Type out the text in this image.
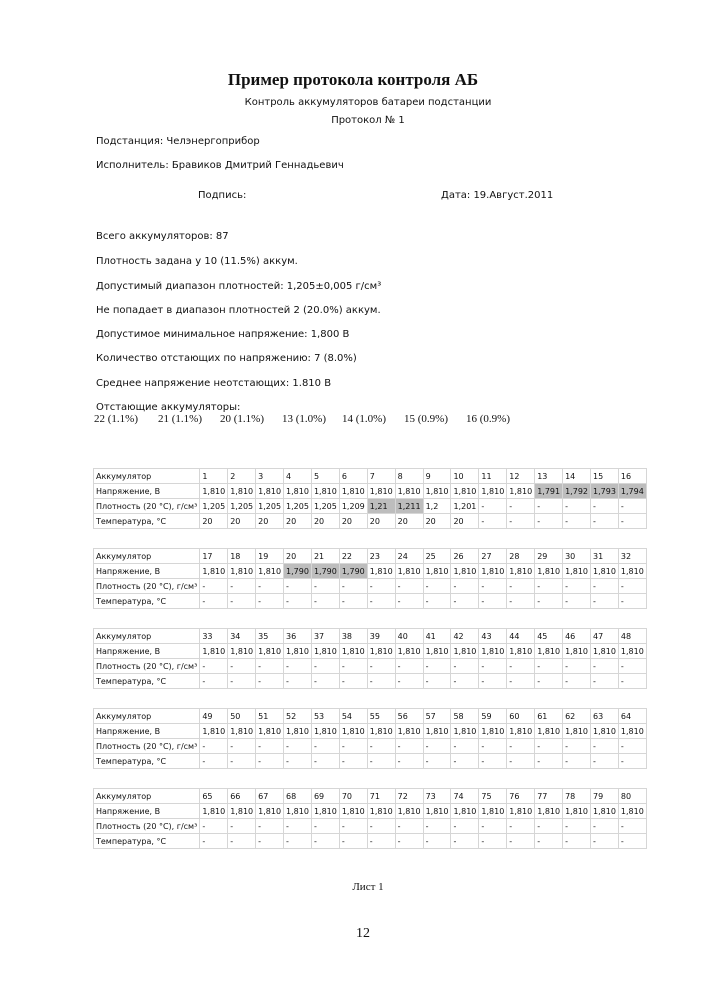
Пример протокола контроля АБ
Контроль аккумуляторов батареи подстанции
Протокол № 1
Подстанция: Челэнергоприбор
Исполнитель: Бравиков Дмитрий Геннадьевич
Подпись:	Дата: 19.Август.2011
Всего аккумуляторов: 87
Плотность задана у 10 (11.5%) аккум.
Допустимый диапазон плотностей: 1,205±0,005 г/см³
Не попадает в диапазон плотностей 2 (20.0%) аккум.
Допустимое минимальное напряжение: 1,800 В
Количество отстающих по напряжению: 7 (8.0%)
Среднее напряжение неотстающих: 1.810 В
Отстающие аккумуляторы:
22 (1.1%) 21 (1.1%) 20 (1.1%) 13 (1.0%) 14 (1.0%) 15 (0.9%) 16 (0.9%)
Аккумулятор	1	2	3	4	5	6	7	8	9	10	11	12	13	14	15	16
Напряжение, В	1,810	1,810	1,810	1,810	1,810	1,810	1,810	1,810	1,810	1,810	1,810	1,810	1,791	1,792	1,793	1,794
Плотность (20 °C), г/см³	1,205	1,205	1,205	1,205	1,205	1,209	1,21	1,211	1,2	1,201	-	-	-	-	-	-
Температура, °C	20	20	20	20	20	20	20	20	20	20	-	-	-	-	-	-
Аккумулятор	17	18	19	20	21	22	23	24	25	26	27	28	29	30	31	32
Напряжение, В	1,810	1,810	1,810	1,790	1,790	1,790	1,810	1,810	1,810	1,810	1,810	1,810	1,810	1,810	1,810	1,810
Плотность (20 °C), г/см³	-	-	-	-	-	-	-	-	-	-	-	-	-	-	-	-
Температура, °C	-	-	-	-	-	-	-	-	-	-	-	-	-	-	-	-
Аккумулятор	33	34	35	36	37	38	39	40	41	42	43	44	45	46	47	48
Напряжение, В	1,810	1,810	1,810	1,810	1,810	1,810	1,810	1,810	1,810	1,810	1,810	1,810	1,810	1,810	1,810	1,810
Плотность (20 °C), г/см³	-	-	-	-	-	-	-	-	-	-	-	-	-	-	-	-
Температура, °C	-	-	-	-	-	-	-	-	-	-	-	-	-	-	-	-
Аккумулятор	49	50	51	52	53	54	55	56	57	58	59	60	61	62	63	64
Напряжение, В	1,810	1,810	1,810	1,810	1,810	1,810	1,810	1,810	1,810	1,810	1,810	1,810	1,810	1,810	1,810	1,810
Плотность (20 °C), г/см³	-	-	-	-	-	-	-	-	-	-	-	-	-	-	-	-
Температура, °C	-	-	-	-	-	-	-	-	-	-	-	-	-	-	-	-
Аккумулятор	65	66	67	68	69	70	71	72	73	74	75	76	77	78	79	80
Напряжение, В	1,810	1,810	1,810	1,810	1,810	1,810	1,810	1,810	1,810	1,810	1,810	1,810	1,810	1,810	1,810	1,810
Плотность (20 °C), г/см³	-	-	-	-	-	-	-	-	-	-	-	-	-	-	-	-
Температура, °C	-	-	-	-	-	-	-	-	-	-	-	-	-	-	-	-
Лист 1
12
